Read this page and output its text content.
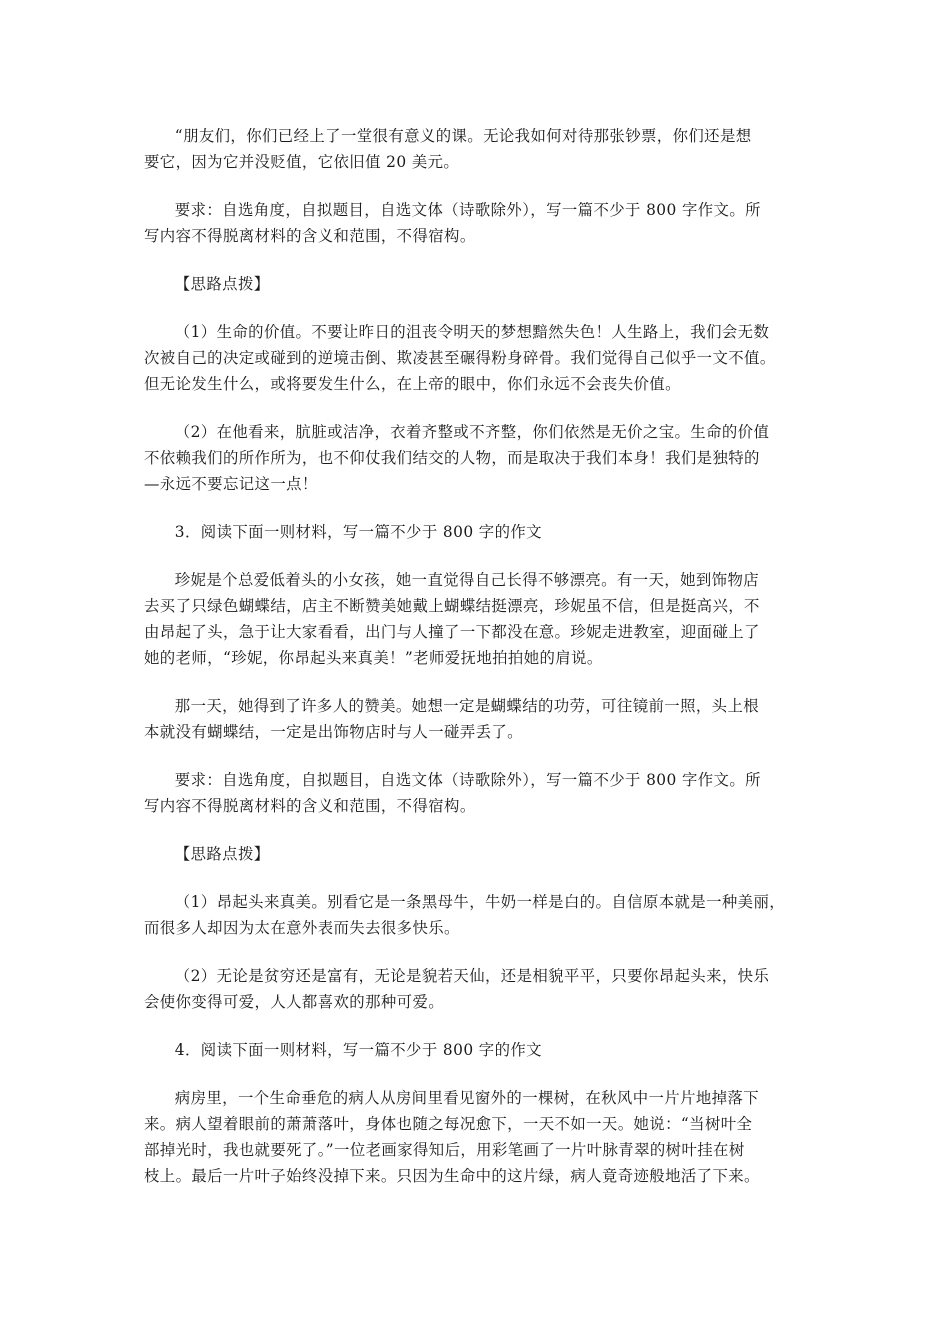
“朋友们，你们已经上了一堂很有意义的课。无论我如何对待那张钞票，你们还是想
要它，因为它并没贬值，它依旧值 20 美元。
要求：自选角度，自拟题目，自选文体（诗歌除外），写一篇不少于 800 字作文。所
写内容不得脱离材料的含义和范围，不得宿构。
【思路点拨】
（1）生命的价值。不要让昨日的沮丧令明天的梦想黯然失色！人生路上，我们会无数
次被自己的决定或碰到的逆境击倒、欺凌甚至碾得粉身碎骨。我们觉得自己似乎一文不值。
但无论发生什么，或将要发生什么，在上帝的眼中，你们永远不会丧失价值。
（2）在他看来，肮脏或洁净，衣着齐整或不齐整，你们依然是无价之宝。生命的价值
不依赖我们的所作所为，也不仰仗我们结交的人物，而是取决于我们本身！我们是独特的
—永远不要忘记这一点！
3．阅读下面一则材料，写一篇不少于 800 字的作文
珍妮是个总爱低着头的小女孩，她一直觉得自己长得不够漂亮。有一天，她到饰物店
去买了只绿色蝴蝶结，店主不断赞美她戴上蝴蝶结挺漂亮，珍妮虽不信，但是挺高兴，不
由昂起了头，急于让大家看看，出门与人撞了一下都没在意。珍妮走进教室，迎面碰上了
她的老师，“珍妮，你昂起头来真美！”老师爱抚地拍拍她的肩说。
那一天，她得到了许多人的赞美。她想一定是蝴蝶结的功劳，可往镜前一照，头上根
本就没有蝴蝶结，一定是出饰物店时与人一碰弄丢了。
要求：自选角度，自拟题目，自选文体（诗歌除外），写一篇不少于 800 字作文。所
写内容不得脱离材料的含义和范围，不得宿构。
【思路点拨】
（1）昂起头来真美。别看它是一条黑母牛，牛奶一样是白的。自信原本就是一种美丽，
而很多人却因为太在意外表而失去很多快乐。
（2）无论是贫穷还是富有，无论是貌若天仙，还是相貌平平，只要你昂起头来，快乐
会使你变得可爱，人人都喜欢的那种可爱。
4．阅读下面一则材料，写一篇不少于 800 字的作文
病房里，一个生命垂危的病人从房间里看见窗外的一棵树，在秋风中一片片地掉落下
来。病人望着眼前的萧萧落叶，身体也随之每况愈下，一天不如一天。她说：“当树叶全
部掉光时，我也就要死了。”一位老画家得知后，用彩笔画了一片叶脉青翠的树叶挂在树
枝上。最后一片叶子始终没掉下来。只因为生命中的这片绿，病人竟奇迹般地活了下来。
